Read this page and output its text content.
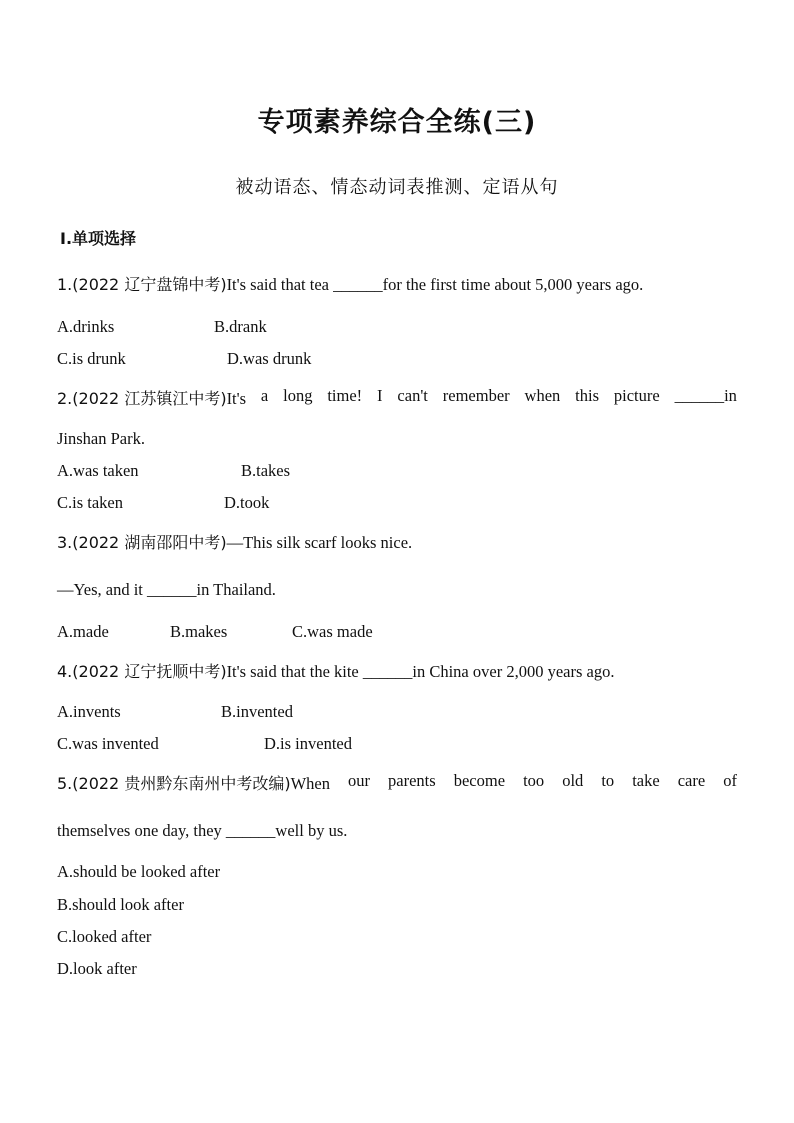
专项素养综合全练(三)
被动语态、情态动词表推测、定语从句
Ⅰ.单项选择
1.(2022 辽宁盘锦中考)It's said that tea ______for the first time about 5,000 years ago.
A.drinks	B.drank
C.is drunk	D.was drunk
2.(2022 江苏镇江中考)It's a long time! I can't remember when this picture ______in
Jinshan Park.
A.was taken	B.takes
C.is taken	D.took
3.(2022 湖南邵阳中考)—This silk scarf looks nice.
—Yes, and it ______in Thailand.
A.made	B.makes	C.was made
4.(2022 辽宁抚顺中考)It's said that the kite ______in China over 2,000 years ago.
A.invents	B.invented
C.was invented	D.is invented
5.(2022 贵州黔东南州中考改编)When our parents become too old to take care of
themselves one day, they ______well by us.
A.should be looked after
B.should look after
C.looked after
D.look after
